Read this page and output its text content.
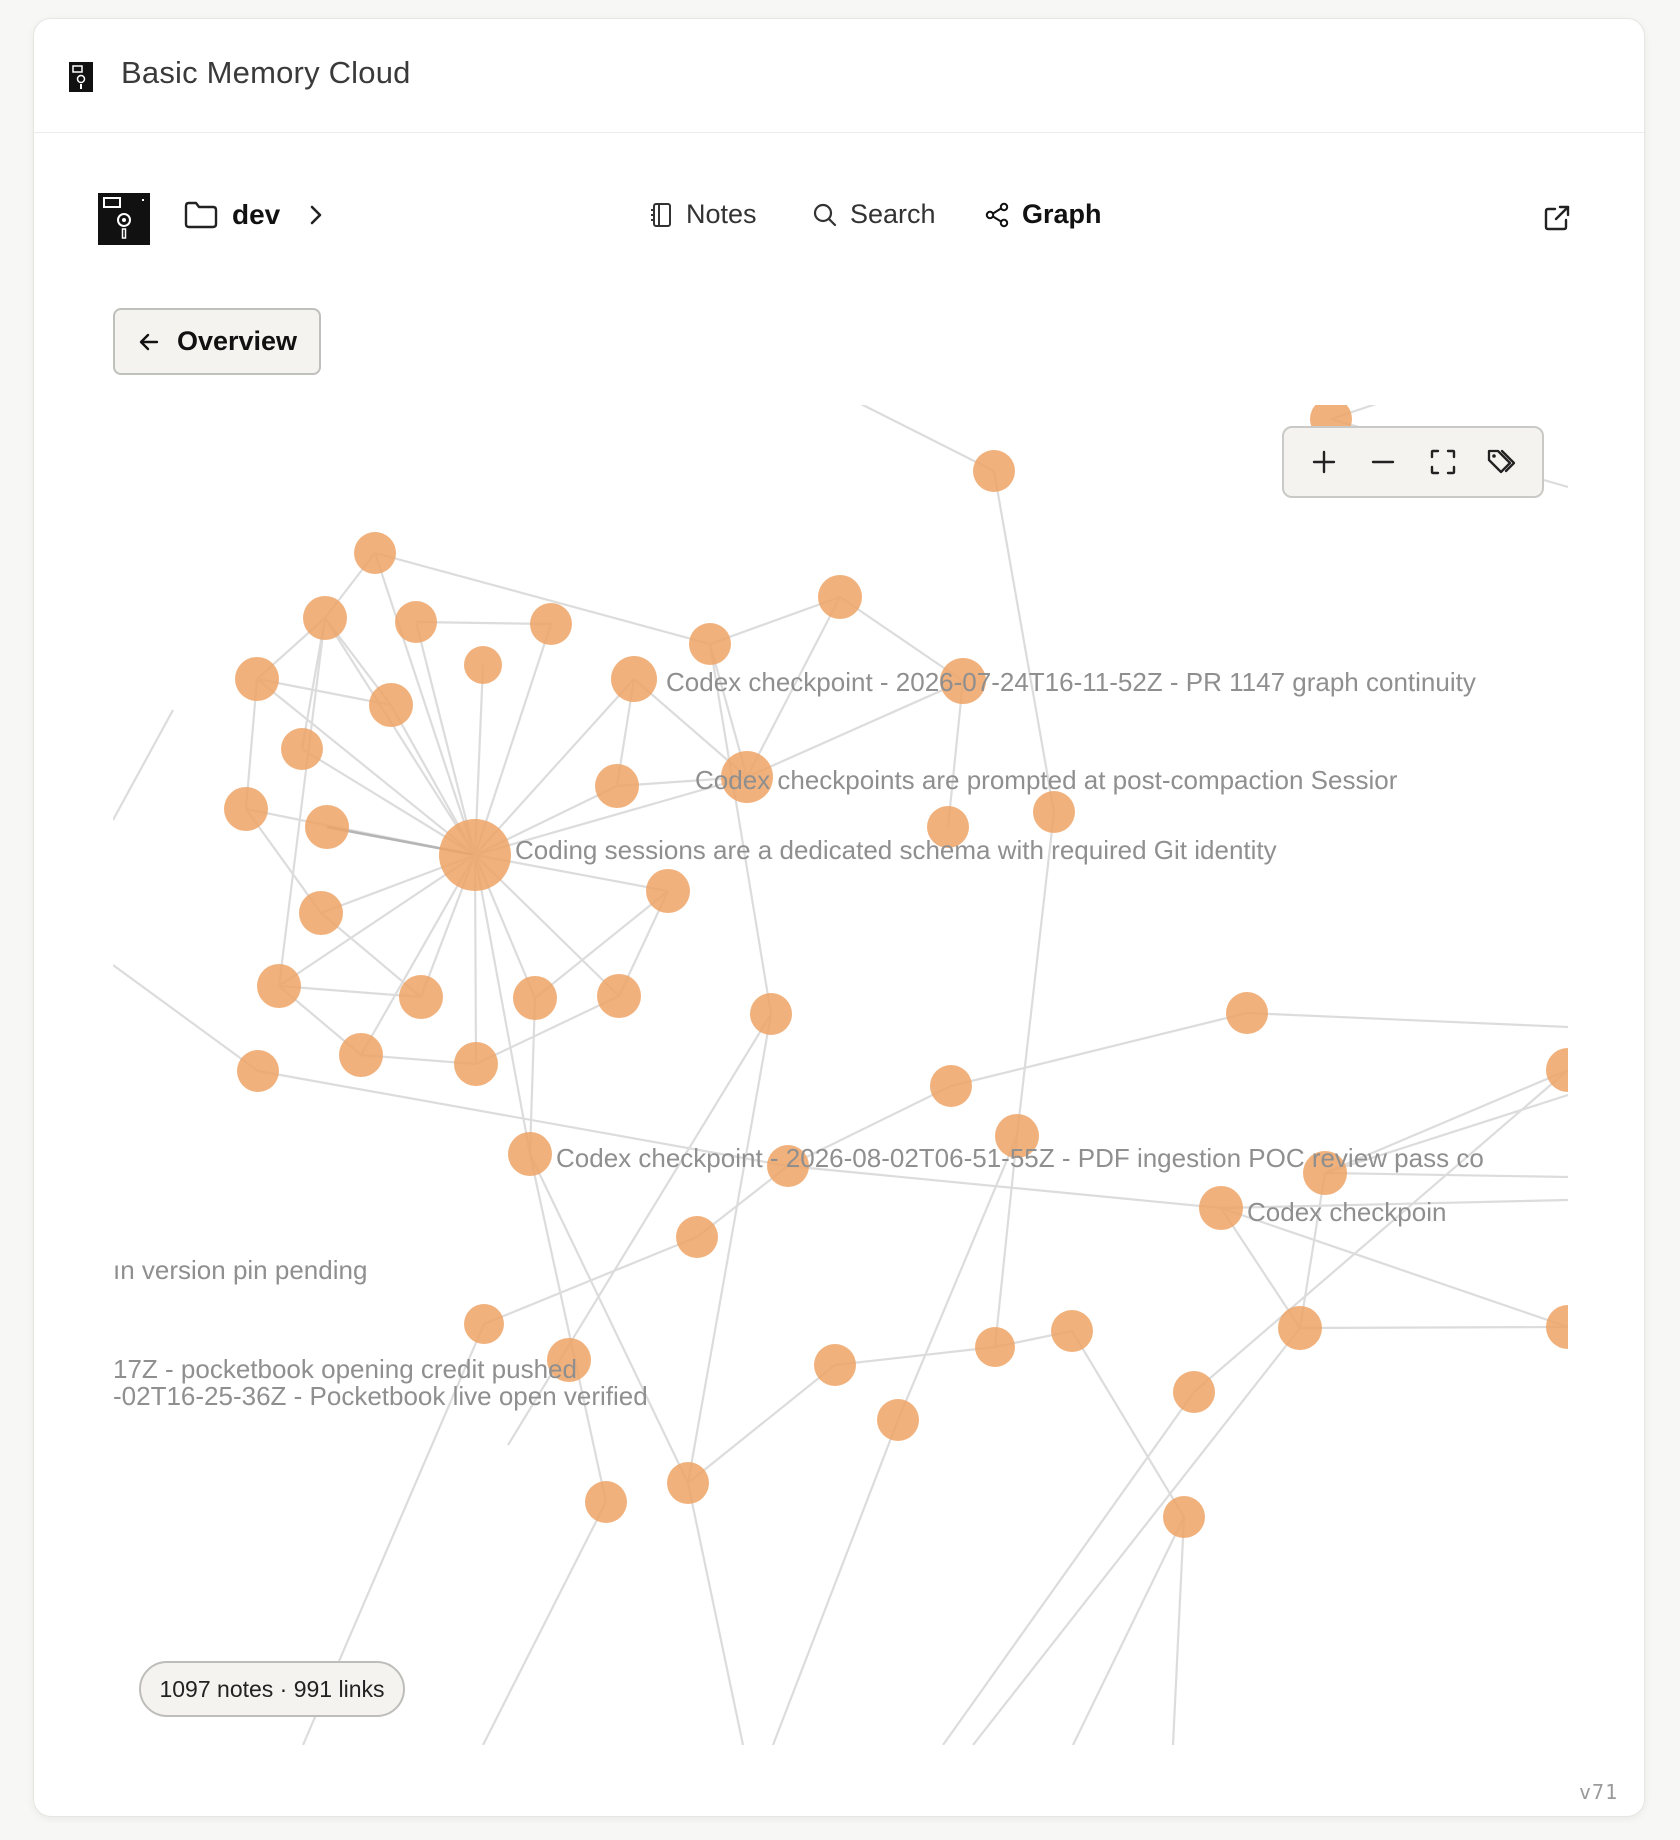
Basic Memory Cloud
dev	Notes	Search	Graph
Overview
Codex checkpoint - 2026-07-24T16-11-52Z - PR 1147 graph continuity
Codex checkpoints are prompted at post-compaction Sessior
Coding sessions are a dedicated schema with required Git identity
Codex checkpoint - 2026-08-02T06-51-55Z - PDF ingestion POC review pass co
Codex checkpoin
ın version pin pending
17Z - pocketbook opening credit pushed
-02T16-25-36Z - Pocketbook live open verified
1097 notes · 991 links
v71
